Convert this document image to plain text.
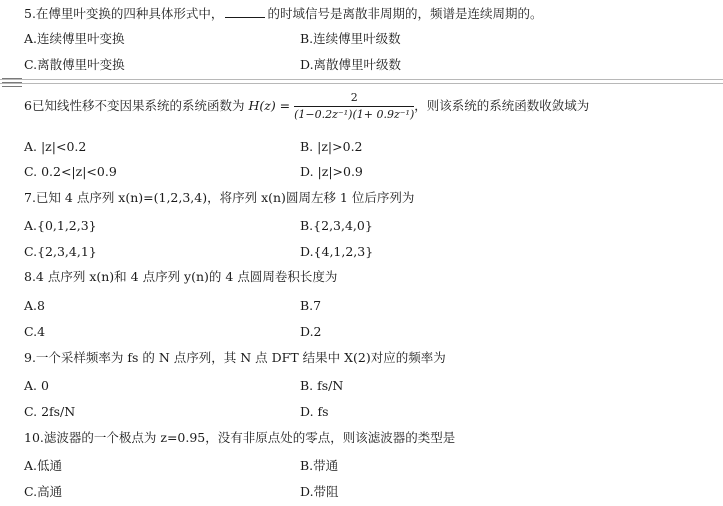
5.在傅里叶变换的四种具体形式中，	的时域信号是离散非周期的，频谱是连续周期的。
A.连续傅里叶变换	B.连续傅里叶级数
C.离散傅里叶变换	D.离散傅里叶级数
6已知线性移不变因果系统的系统函数为 $H(z) = \frac{2}{\text{(1−0.2z⁻¹)(1+ 0.9z⁻¹)}}$ ，则该系统的系统函数收敛域为
A. |z|<0.2	B. |z|>0.2
C. 0.2<|z|<0.9	D. |z|>0.9
7.已知 4 点序列 x(n)=(1,2,3,4)，将序列 x(n)圆周左移 1 位后序列为
A.{0,1,2,3}	B.{2,3,4,0}
C.{2,3,4,1}	D.{4,1,2,3}
8.4 点序列 x(n)和 4 点序列 y(n)的 4 点圆周卷积长度为
A.8	B.7
C.4	D.2
9.一个采样频率为 fs 的 N 点序列，其 N 点 DFT 结果中 X(2)对应的频率为
A. 0	B. fs/N
C. 2fs/N	D. fs
10.滤波器的一个极点为 z=0.95，没有非原点处的零点，则该滤波器的类型是
A.低通	B.带通
C.高通	D.带阻
